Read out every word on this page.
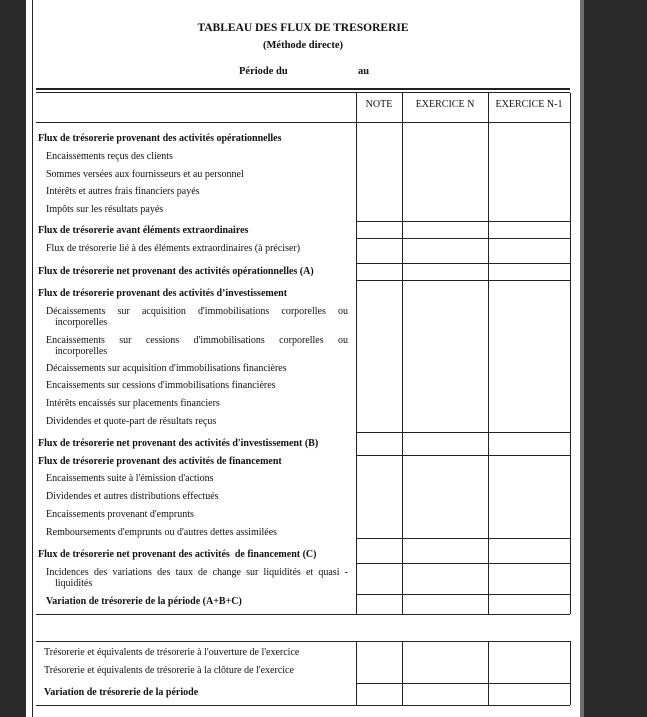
TABLEAU DES FLUX DE TRESORERIE
(Méthode directe)
Période du	au
NOTE	EXERCICE N	EXERCICE N-1
Flux de trésorerie provenant des activités opérationnelles
Encaissements reçus des clients
Sommes versées aux fournisseurs et au personnel
Intérêts et autres frais financiers payés
Impôts sur les résultats payés
Flux de trésorerie avant éléments extraordinaires
Flux de trésorerie lié à des éléments extraordinaires (à préciser)
Flux de trésorerie net provenant des activités opérationnelles (A)
Flux de trésorerie provenant des activités d’investissement
Décaissements sur acquisition d'immobilisations corporelles ou
incorporelles
Encaissements sur cessions d'immobilisations corporelles ou
incorporelles
Décaissements sur acquisition d'immobilisations financières
Encaissements sur cessions d'immobilisations financières
Intérêts encaissés sur placements financiers
Dividendes et quote-part de résultats reçus
Flux de trésorerie net provenant des activités d'investissement (B)
Flux de trésorerie provenant des activités de financement
Encaissements suite à l'émission d'actions
Dividendes et autres distributions effectués
Encaissements provenant d'emprunts
Remboursements d'emprunts ou d'autres dettes assimilées
Flux de trésorerie net provenant des activités  de financement (C)
Incidences des variations des taux de change sur liquidités et quasi -
liquidités
Variation de trésorerie de la période (A+B+C)
Trésorerie et équivalents de trésorerie à l'ouverture de l'exercice
Trésorerie et équivalents de trésorerie à la clôture de l'exercice
Variation de trésorerie de la période
